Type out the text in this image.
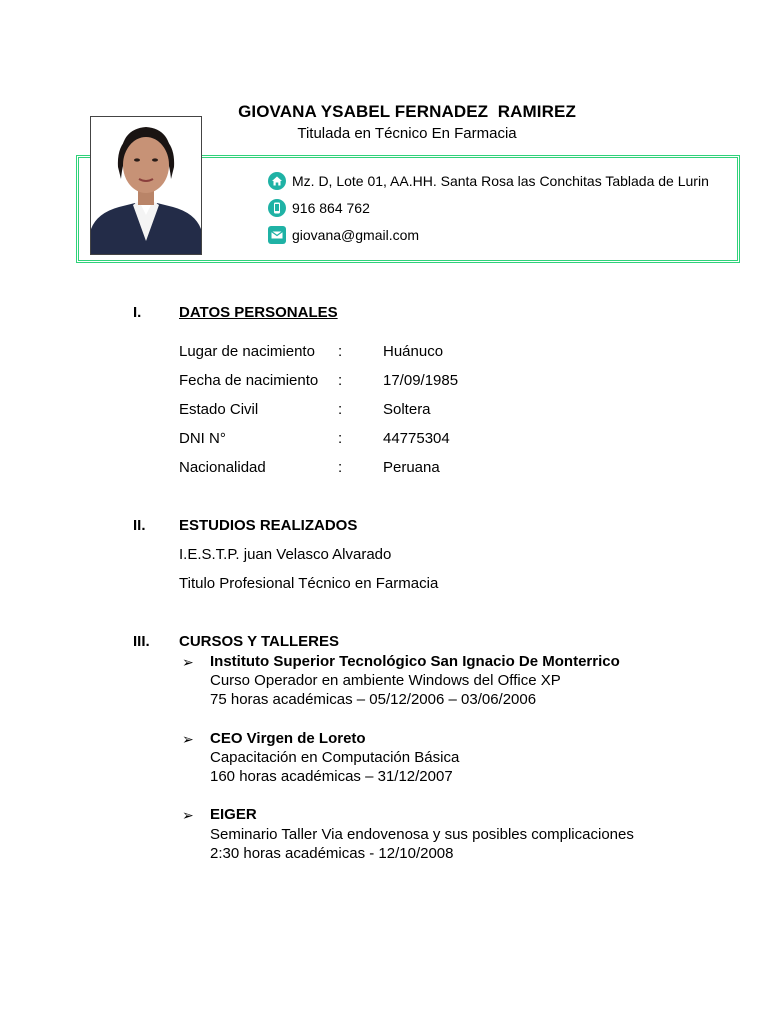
GIOVANA YSABEL FERNADEZ  RAMIREZ
Titulada en Técnico En Farmacia
Mz. D, Lote 01, AA.HH. Santa Rosa las Conchitas Tablada de Lurin
916 864 762
giovana@gmail.com
I.	DATOS PERSONALES
Lugar de nacimiento :	Huánuco
Fecha de nacimiento :	17/09/1985
Estado Civil	:	Soltera
DNI N°	:	44775304
Nacionalidad	:	Peruana
II. ESTUDIOS REALIZADOS
I.E.S.T.P. juan Velasco Alvarado
Titulo Profesional Técnico en Farmacia
III. CURSOS Y TALLERES
➢ Instituto Superior Tecnológico San Ignacio De Monterrico
Curso Operador en ambiente Windows del Office XP
75 horas académicas – 05/12/2006 – 03/06/2006
➢ CEO Virgen de Loreto
Capacitación en Computación Básica
160 horas académicas – 31/12/2007
➢ EIGER
Seminario Taller Via endovenosa y sus posibles complicaciones
2:30 horas académicas - 12/10/2008
